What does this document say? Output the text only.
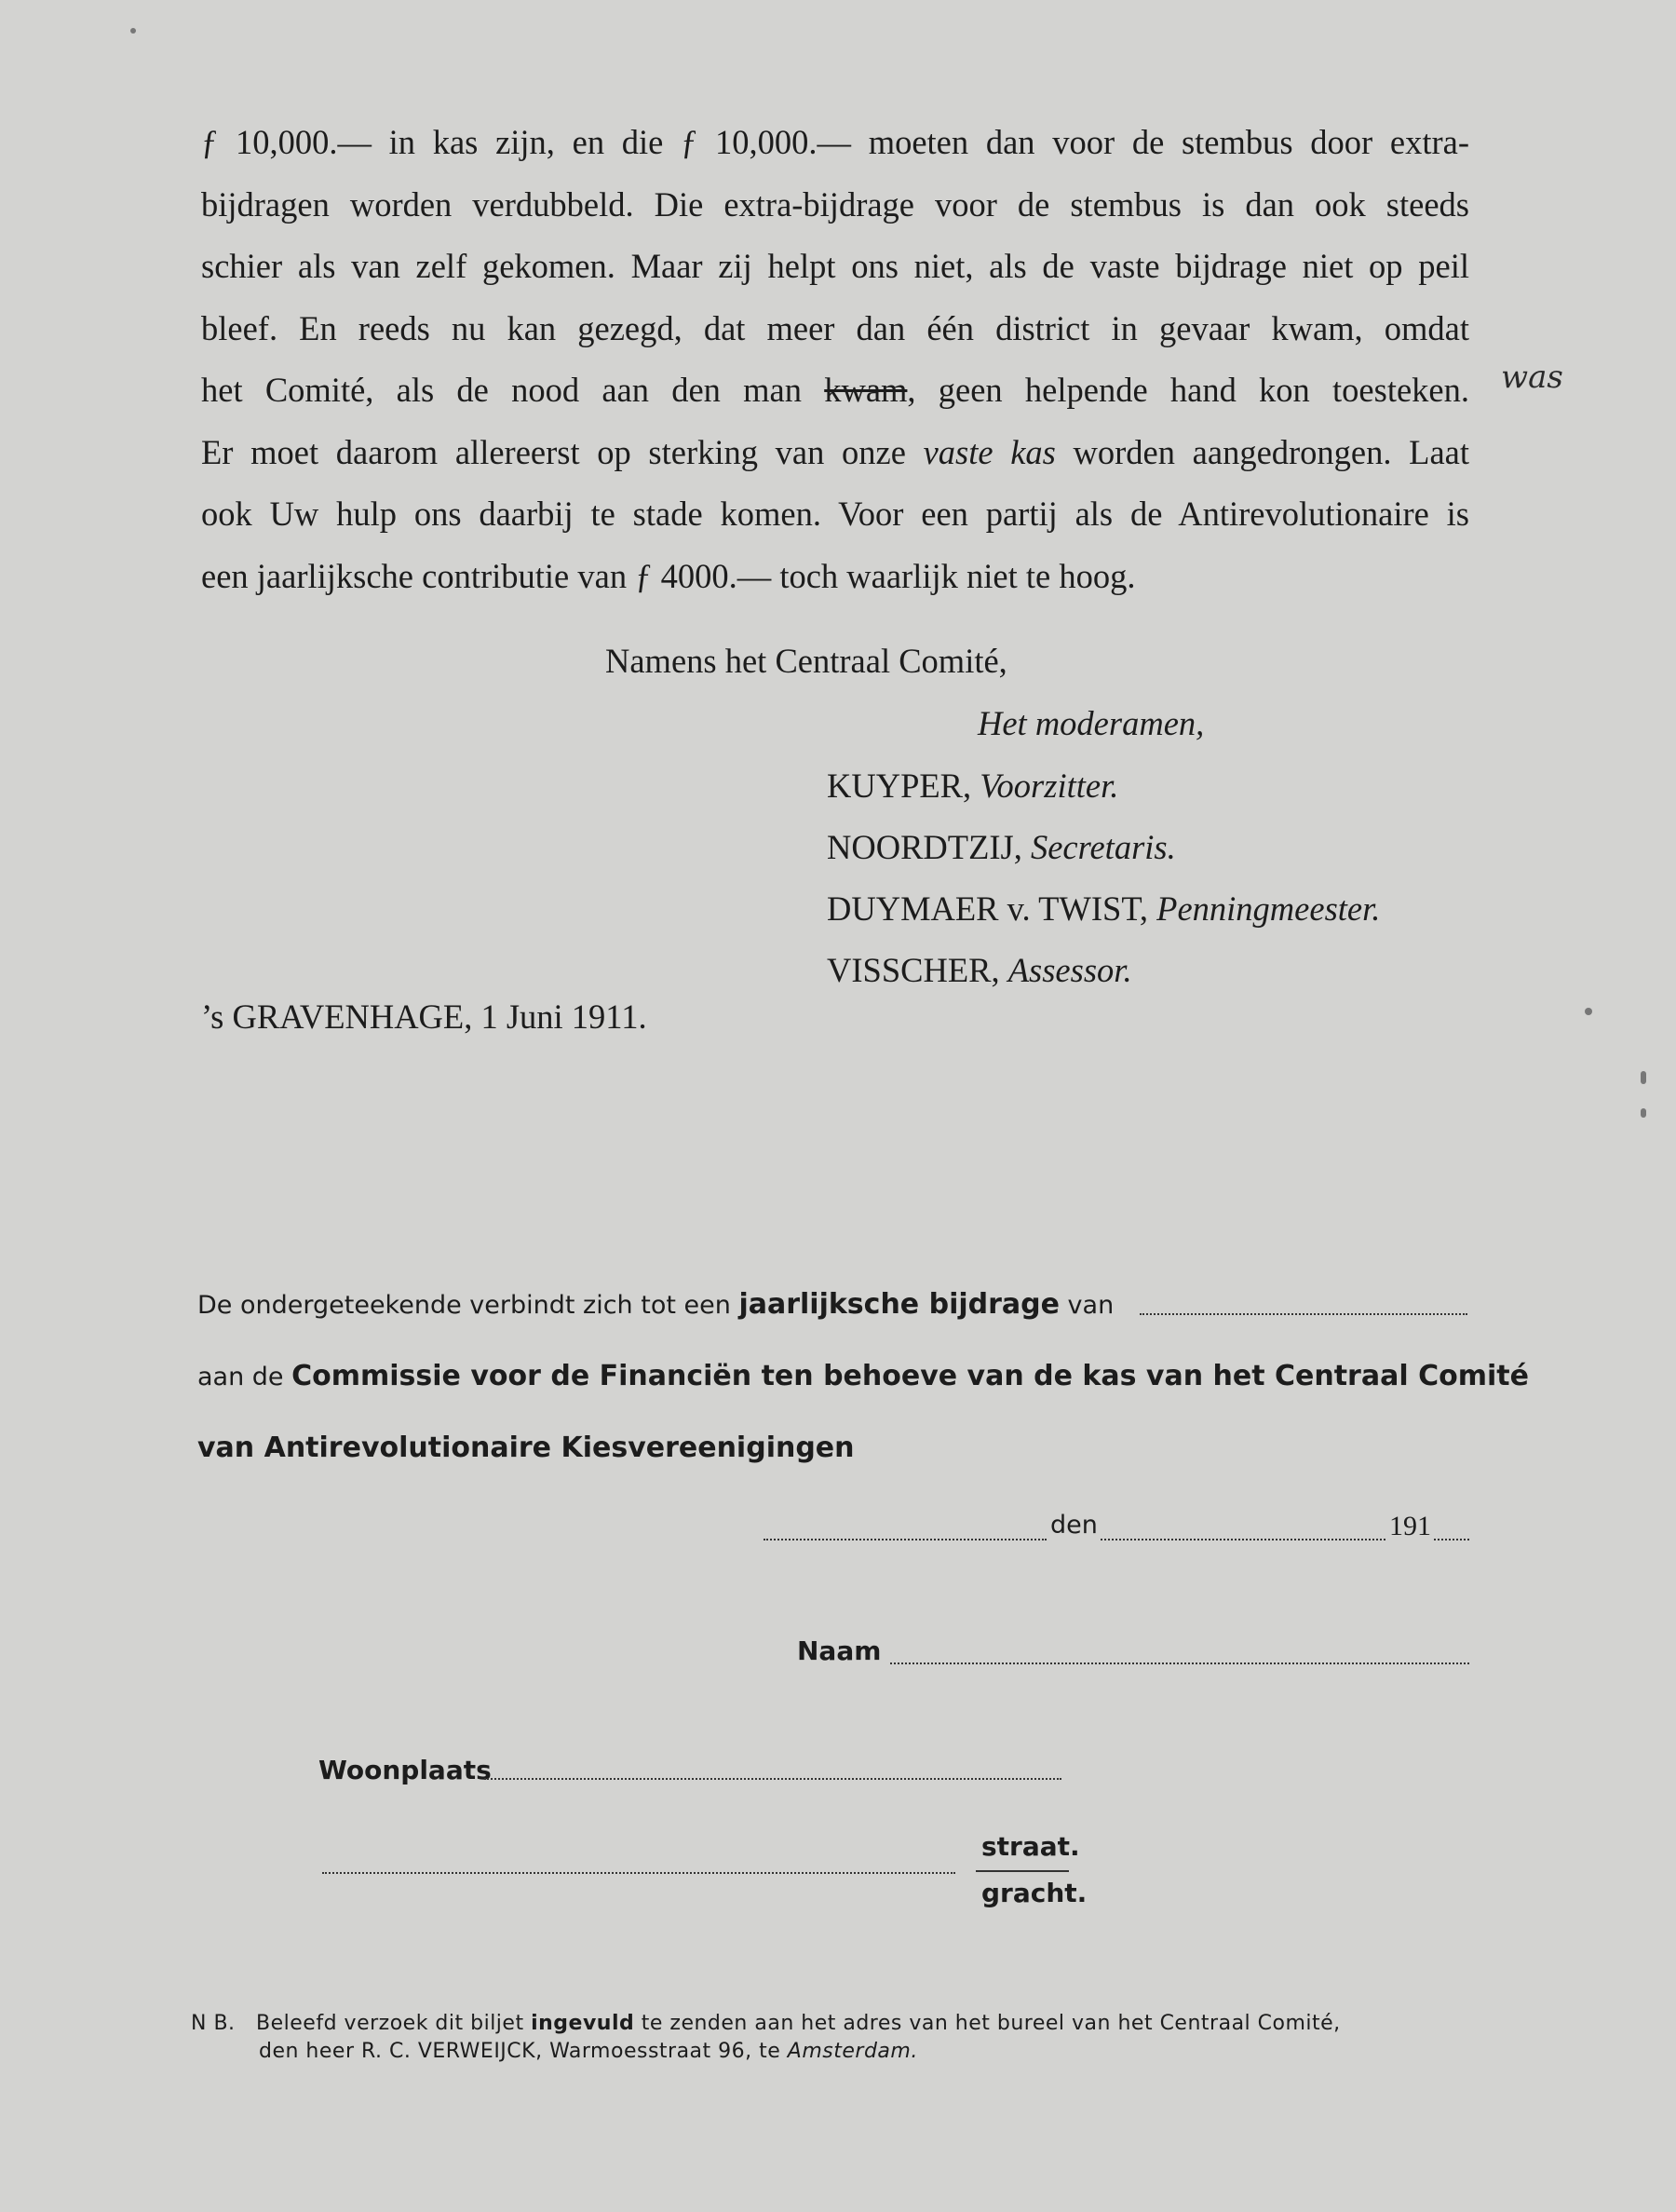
ƒ 10,000.— in kas zijn, en die ƒ 10,000.— moeten dan voor de stembus door extra-
bijdragen worden verdubbeld. Die extra-bijdrage voor de stembus is dan ook steeds
schier als van zelf gekomen. Maar zij helpt ons niet, als de vaste bijdrage niet op peil
bleef. En reeds nu kan gezegd, dat meer dan één district in gevaar kwam, omdat
het Comité, als de nood aan den man kwam, geen helpende hand kon toesteken.
Er moet daarom allereerst op sterking van onze vaste kas worden aangedrongen. Laat
ook Uw hulp ons daarbij te stade komen. Voor een partij als de Antirevolutionaire is
een jaarlijksche contributie van ƒ 4000.— toch waarlijk niet te hoog.
was
Namens het Centraal Comité,
Het moderamen,
KUYPER, Voorzitter.
NOORDTZIJ, Secretaris.
DUYMAER v. TWIST, Penningmeester.
VISSCHER, Assessor.
’s GRAVENHAGE, 1 Juni 1911.
De ondergeteekende verbindt zich tot een jaarlijksche bijdrage van
aan de Commissie voor de Financiën ten behoeve van de kas van het Centraal Comité
van Antirevolutionaire Kiesvereenigingen
den	191
Naam
Woonplaats
straat.
gracht.
N B. Beleefd verzoek dit biljet ingevuld te zenden aan het adres van het bureel van het Centraal Comité,
den heer R. C. VERWEIJCK, Warmoesstraat 96, te Amsterdam.
